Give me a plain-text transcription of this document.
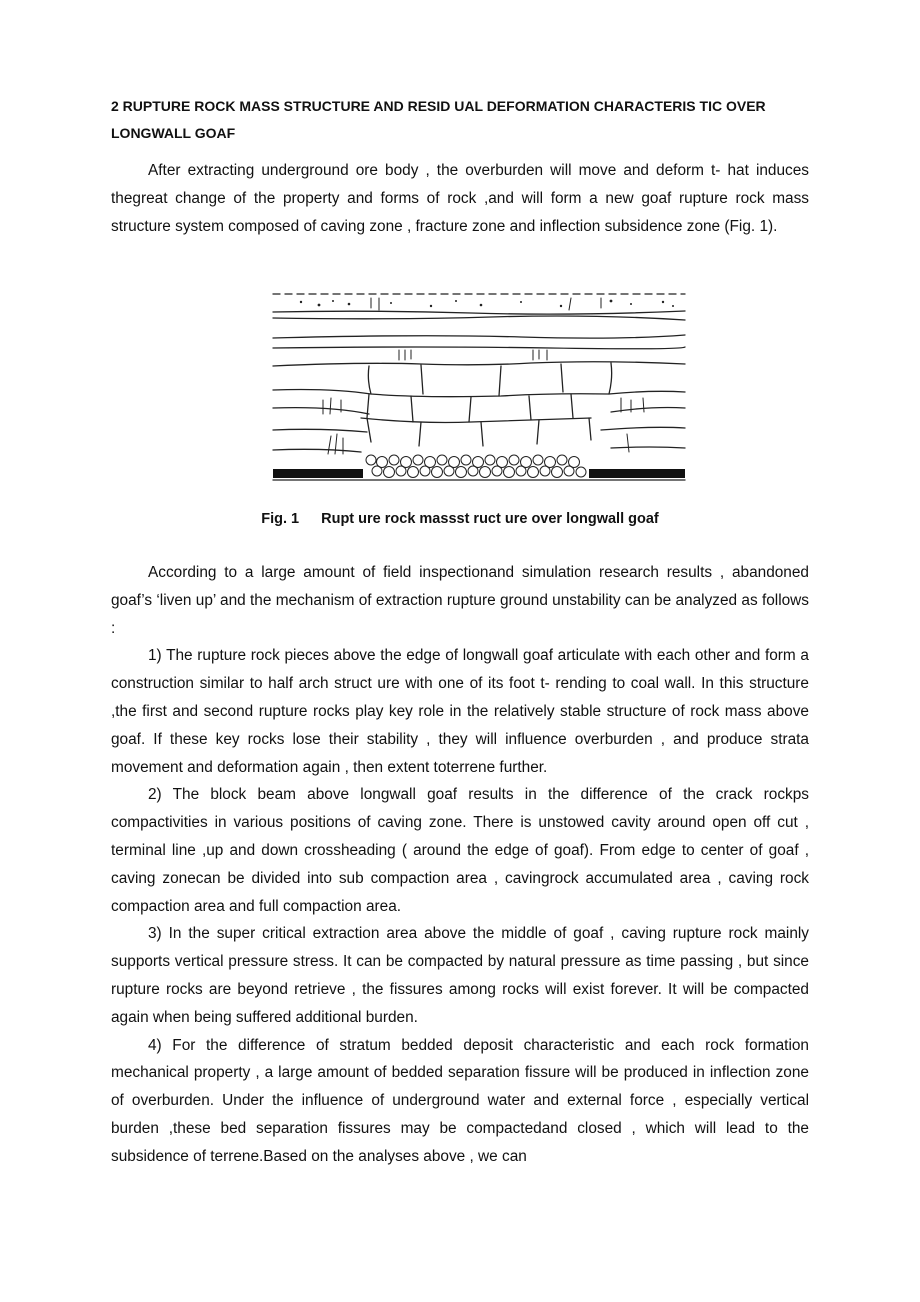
2 RUPTURE ROCK MASS STRUCTURE AND RESID UAL DEFORMATION CHARACTERIS TIC OVER LONGWALL GOAF

After extracting underground ore body , the overburden will move and deform t- hat induces thegreat change of the property and forms of rock ,and will form a new goaf rupture rock mass structure system composed of caving zone , fracture zone and inflection subsidence zone (Fig. 1).

Fig. 1 Rupt ure rock massst ruct ure over longwall goaf

According to a large amount of field inspectionand simulation research results , abandoned goaf’s ‘liven up’ and the mechanism of extraction rupture ground unstability can be analyzed as follows :

1) The rupture rock pieces above the edge of longwall goaf articulate with each other and form a construction similar to half arch struct ure with one of its foot t- rending to coal wall. In this structure ,the first and second rupture rocks play key role in the relatively stable structure of rock mass above goaf. If these key rocks lose their stability , they will influence overburden , and produce strata movement and deformation again , then extent toterrene further.

2) The block beam above longwall goaf results in the difference of the crack rockps compactivities in various positions of caving zone. There is unstowed cavity around open off cut , terminal line ,up and down crossheading ( around the edge of goaf). From edge to center of goaf , caving zonecan be divided into sub compaction area , cavingrock accumulated area , caving rock compaction area and full compaction area.

3) In the super critical extraction area above the middle of goaf , caving rupture rock mainly supports vertical pressure stress. It can be compacted by natural pressure as time passing , but since rupture rocks are beyond retrieve , the fissures among rocks will exist forever. It will be compacted again when being suffered additional burden.

4) For the difference of stratum bedded deposit characteristic and each rock formation mechanical property , a large amount of bedded separation fissure will be produced in inflection zone of overburden. Under the influence of underground water and external force , especially vertical burden ,these bed separation fissures may be compactedand closed , which will lead to the subsidence of terrene.Based on the analyses above , we can
